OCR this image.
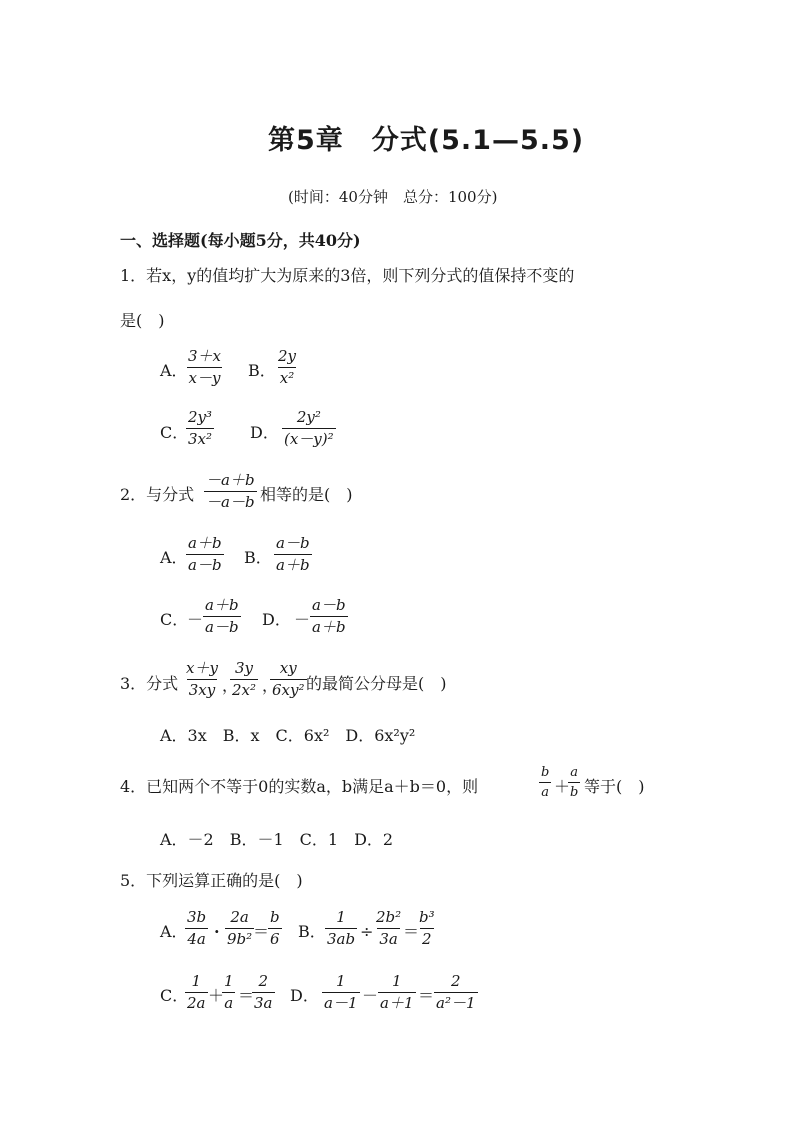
第5章　分式(5.1—5.5)
(时间：40分钟　总分：100分)
一、选择题(每小题5分，共40分)
1．若x，y的值均扩大为原来的3倍，则下列分式的值保持不变的
是(　)
A．
$\frac{3+x}{x-y}$ B． $\frac{2y}{\text{x²}}$
C．
$\frac{\text{2y³}}{\text{3x²}}$ D． $\frac{\text{2y²}}{\text{(x－y)²}}$
2．与分式 $\frac{-a+b}{-a-b}$ 相等的是(　)
A．
$\frac{a+b}{a-b}$ B． $\frac{a-b}{a+b}$
C．
－ $\frac{a+b}{a-b}$ D． － $\frac{a-b}{a+b}$
3．分式 $\frac{x+y}{3xy}$ ，
$\frac{3y}{\text{2x²}}$ ，
$\frac{xy}{\text{6xy²}}$ 的最简公分母是(　)
A．3x　B．x　C．6x²　D．6x²y²
4．已知两个不等于0的实数a，b满足a＋b＝0，则	$\frac{b}{a}$ ＋
$\frac{a}{b}$ 等于(　)
A．－2　B．－1　C．1　D．2
5．下列运算正确的是(　)
A．
$\frac{3b}{4a} \cdot \frac{2a}{\text{9b²}}$
＝
$\frac{b}{6}$ B． $\frac{1}{3ab} \div \frac{\text{2b²}}{3a}$ ＝
$\frac{\text{b³}}{2}$
C．
$\frac{1}{2a}$ ＋
$\frac{1}{a}$ ＝
$\frac{2}{3a}$ D． $\frac{1}{a-1} - \frac{1}{a+1} = \frac{2}{\text{a²－1}}$
